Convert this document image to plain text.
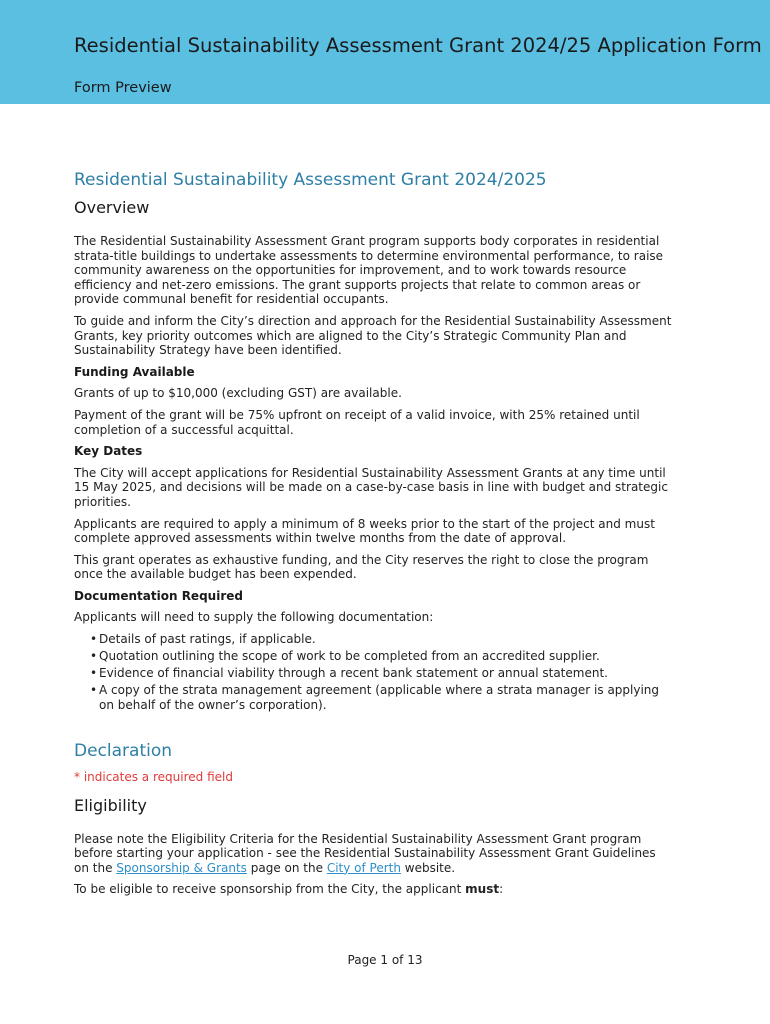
Residential Sustainability Assessment Grant 2024/25 Application Form
Form Preview
Residential Sustainability Assessment Grant 2024/2025
Overview

The Residential Sustainability Assessment Grant program supports body corporates in residential strata-title buildings to undertake assessments to determine environmental performance, to raise community awareness on the opportunities for improvement, and to work towards resource efficiency and net-zero emissions. The grant supports projects that relate to common areas or provide communal benefit for residential occupants.

To guide and inform the City’s direction and approach for the Residential Sustainability Assessment Grants, key priority outcomes which are aligned to the City’s Strategic Community Plan and Sustainability Strategy have been identified.

Funding Available

Grants of up to $10,000 (excluding GST) are available.

Payment of the grant will be 75% upfront on receipt of a valid invoice, with 25% retained until completion of a successful acquittal.

Key Dates

The City will accept applications for Residential Sustainability Assessment Grants at any time until 15 May 2025, and decisions will be made on a case-by-case basis in line with budget and strategic priorities.

Applicants are required to apply a minimum of 8 weeks prior to the start of the project and must complete approved assessments within twelve months from the date of approval.

This grant operates as exhaustive funding, and the City reserves the right to close the program once the available budget has been expended.

Documentation Required

Applicants will need to supply the following documentation:

• Details of past ratings, if applicable.
• Quotation outlining the scope of work to be completed from an accredited supplier.
• Evidence of financial viability through a recent bank statement or annual statement.
• A copy of the strata management agreement (applicable where a strata manager is applying on behalf of the owner’s corporation).
Declaration
* indicates a required field
Eligibility

Please note the Eligibility Criteria for the Residential Sustainability Assessment Grant program before starting your application - see the Residential Sustainability Assessment Grant Guidelines on the Sponsorship & Grants page on the City of Perth website.

To be eligible to receive sponsorship from the City, the applicant must:

Page 1 of 13
